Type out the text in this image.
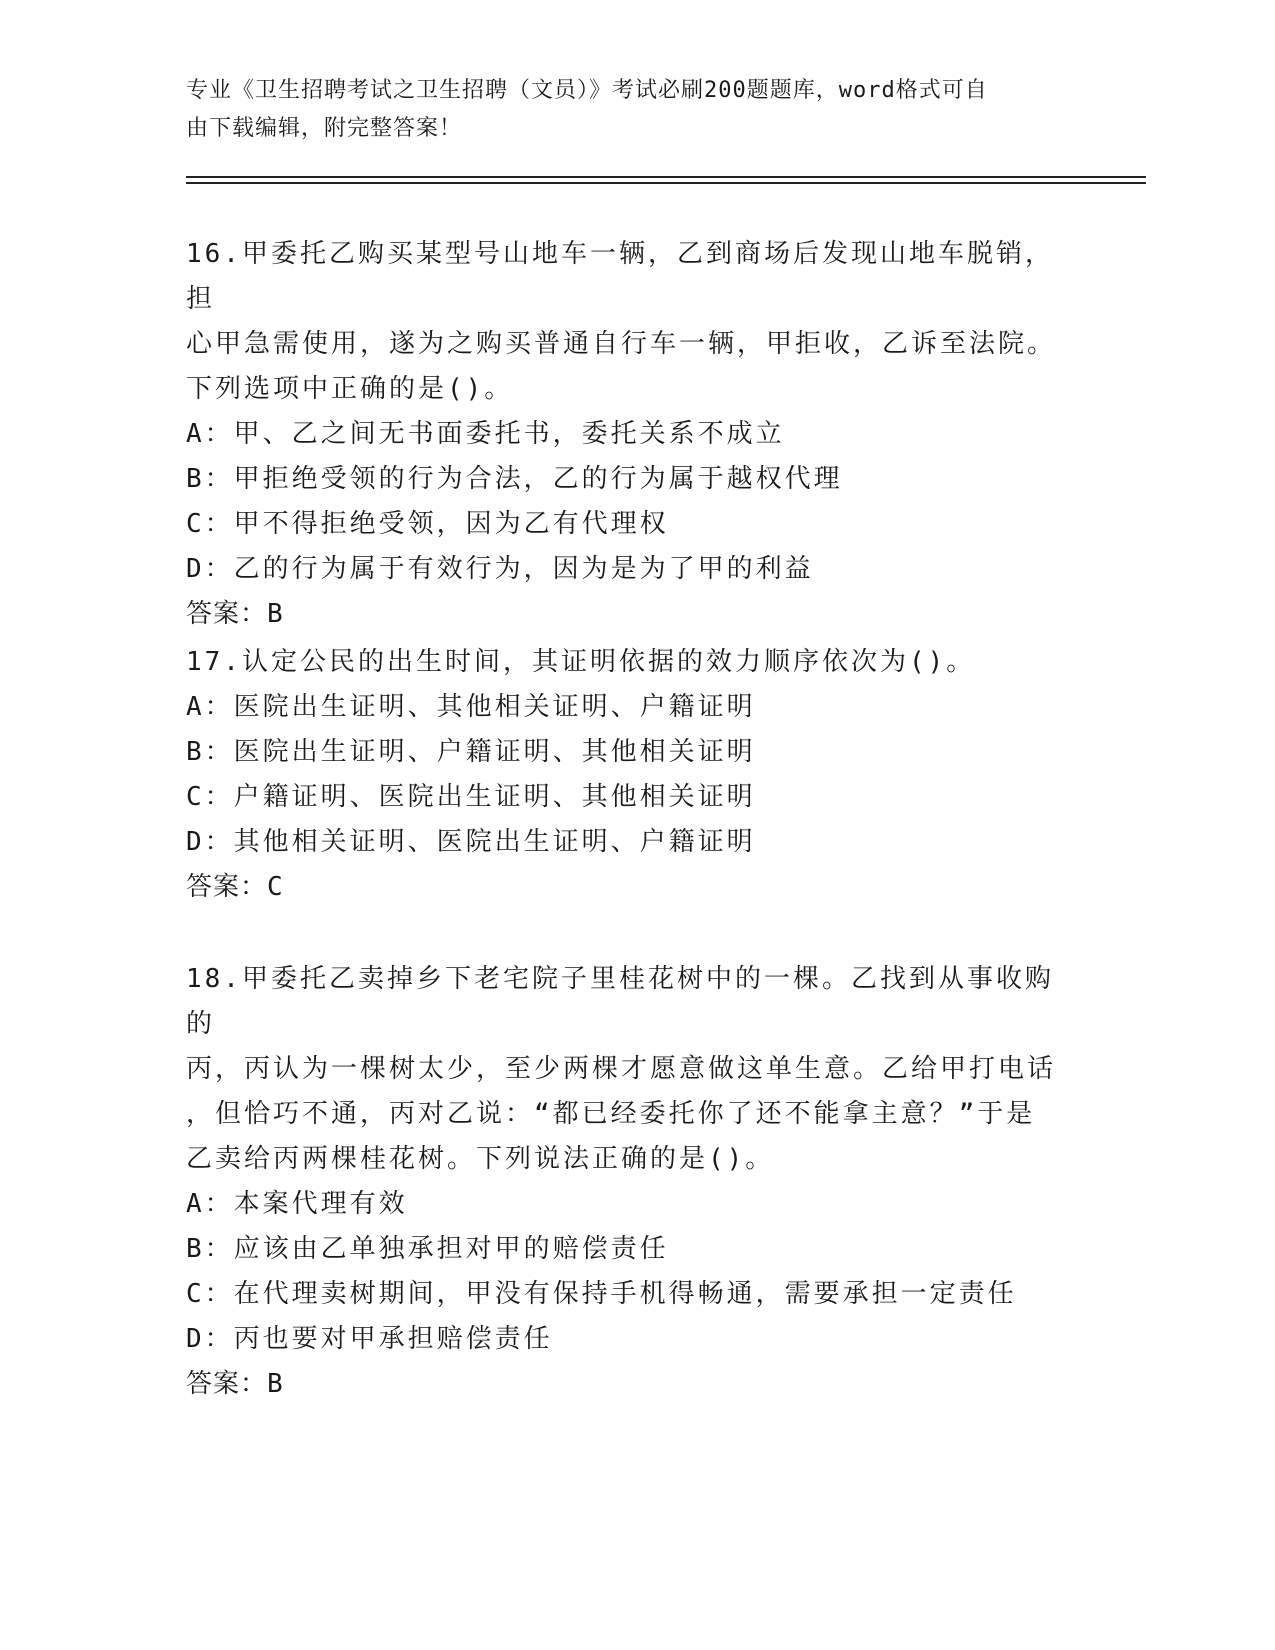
专业《卫生招聘考试之卫生招聘（文员）》考试必刷200题题库，word格式可自
由下载编辑，附完整答案！

16.甲委托乙购买某型号山地车一辆，乙到商场后发现山地车脱销，担

心甲急需使用，遂为之购买普通自行车一辆，甲拒收，乙诉至法院。

下列选项中正确的是()。

A：甲、乙之间无书面委托书，委托关系不成立

B：甲拒绝受领的行为合法，乙的行为属于越权代理

C：甲不得拒绝受领，因为乙有代理权

D：乙的行为属于有效行为，因为是为了甲的利益

答案：B

17.认定公民的出生时间，其证明依据的效力顺序依次为()。

A：医院出生证明、其他相关证明、户籍证明

B：医院出生证明、户籍证明、其他相关证明

C：户籍证明、医院出生证明、其他相关证明

D：其他相关证明、医院出生证明、户籍证明

答案：C

18.甲委托乙卖掉乡下老宅院子里桂花树中的一棵。乙找到从事收购的

丙，丙认为一棵树太少，至少两棵才愿意做这单生意。乙给甲打电话

，但恰巧不通，丙对乙说：“都已经委托你了还不能拿主意？”于是

乙卖给丙两棵桂花树。下列说法正确的是()。

A：本案代理有效

B：应该由乙单独承担对甲的赔偿责任

C：在代理卖树期间，甲没有保持手机得畅通，需要承担一定责任

D：丙也要对甲承担赔偿责任

答案：B
